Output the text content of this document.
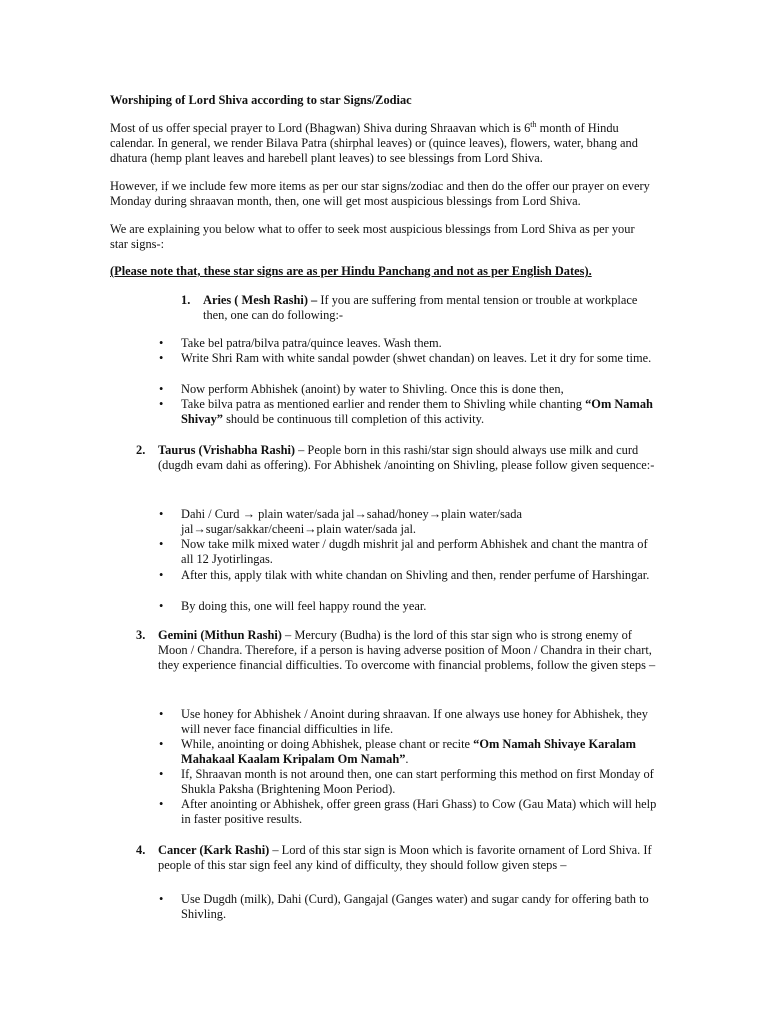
Worshiping of Lord Shiva according to star Signs/Zodiac

Most of us offer special prayer to Lord (Bhagwan) Shiva during Shraavan which is 6th month of Hindu calendar. In general, we render Bilava Patra (shirphal leaves) or (quince leaves), flowers, water, bhang and dhatura (hemp plant leaves and harebell plant leaves) to see blessings from Lord Shiva.

However, if we include few more items as per our star signs/zodiac and then do the offer our prayer on every Monday during shraavan month, then, one will get most auspicious blessings from Lord Shiva.

We are explaining you below what to offer to seek most auspicious blessings from Lord Shiva as per your star signs-:

(Please note that, these star signs are as per Hindu Panchang and not as per English Dates).

1.	Aries ( Mesh Rashi) – If you are suffering from mental tension or trouble at workplace then, one can do following:-
• Take bel patra/bilva patra/quince leaves. Wash them.
• Write Shri Ram with white sandal powder (shwet chandan) on leaves. Let it dry for some time.
• Now perform Abhishek (anoint) by water to Shivling. Once this is done then,
• Take bilva patra as mentioned earlier and render them to Shivling while chanting “Om Namah Shivay” should be continuous till completion of this activity.
2.	Taurus (Vrishabha Rashi) – People born in this rashi/star sign should always use milk and curd (dugdh evam dahi as offering). For Abhishek /anointing on Shivling, please follow given sequence:-
• Dahi / Curd → plain water/sada jal→sahad/honey→plain water/sada jal→sugar/sakkar/cheeni→plain water/sada jal.
• Now take milk mixed water / dugdh mishrit jal and perform Abhishek and chant the mantra of all 12 Jyotirlingas.
• After this, apply tilak with white chandan on Shivling and then, render perfume of Harshingar.
• By doing this, one will feel happy round the year.
3.	Gemini (Mithun Rashi) – Mercury (Budha) is the lord of this star sign who is strong enemy of Moon / Chandra. Therefore, if a person is having adverse position of Moon / Chandra in their chart, they experience financial difficulties. To overcome with financial problems, follow the given steps –
• Use honey for Abhishek / Anoint during shraavan. If one always use honey for Abhishek, they will never face financial difficulties in life.
• While, anointing or doing Abhishek, please chant or recite “Om Namah Shivaye Karalam Mahakaal Kaalam Kripalam Om Namah”.
• If, Shraavan month is not around then, one can start performing this method on first Monday of Shukla Paksha (Brightening Moon Period).
• After anointing or Abhishek, offer green grass (Hari Ghass) to Cow (Gau Mata) which will help in faster positive results.
4.	Cancer (Kark Rashi) – Lord of this star sign is Moon which is favorite ornament of Lord Shiva. If people of this star sign feel any kind of difficulty, they should follow given steps –
• Use Dugdh (milk), Dahi (Curd), Gangajal (Ganges water) and sugar candy for offering bath to Shivling.
